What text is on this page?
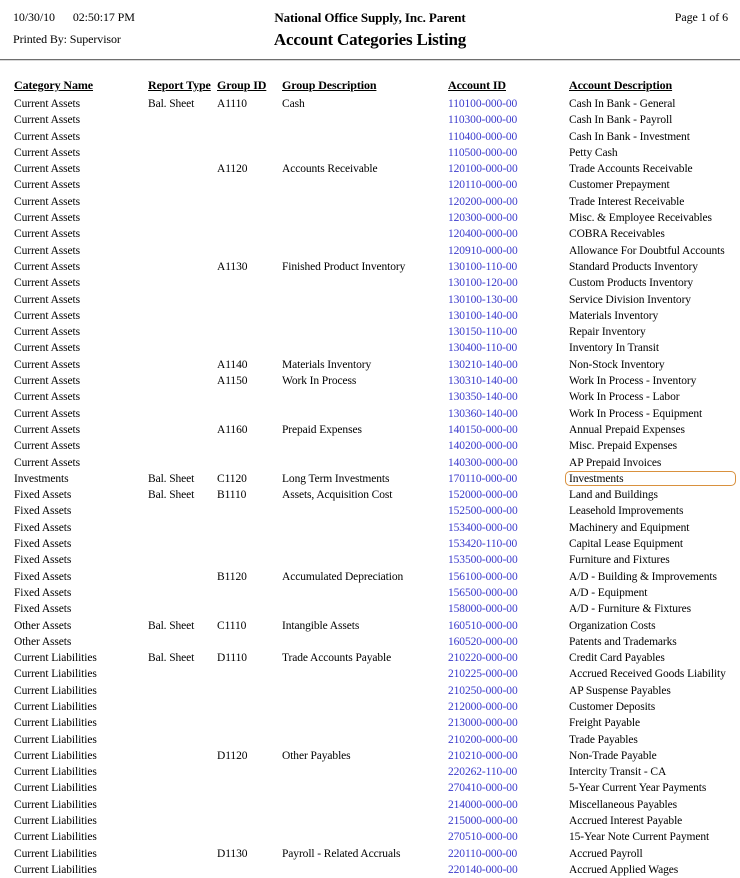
10/30/10 02:50:17 PM
Printed By: Supervisor
National Office Supply, Inc. Parent
Account Categories Listing
Page 1 of 6
Category Name	Report Type	Group ID	Group Description	Account ID	Account Description
Current Assets	Bal. Sheet	A1110	Cash	110100-000-00	Cash In Bank - General
Current Assets				110300-000-00	Cash In Bank - Payroll
Current Assets				110400-000-00	Cash In Bank - Investment
Current Assets				110500-000-00	Petty Cash
Current Assets		A1120	Accounts Receivable	120100-000-00	Trade Accounts Receivable
Current Assets				120110-000-00	Customer Prepayment
Current Assets				120200-000-00	Trade Interest Receivable
Current Assets				120300-000-00	Misc. & Employee Receivables
Current Assets				120400-000-00	COBRA Receivables
Current Assets				120910-000-00	Allowance For Doubtful Accounts
Current Assets		A1130	Finished Product Inventory	130100-110-00	Standard Products Inventory
Current Assets				130100-120-00	Custom Products Inventory
Current Assets				130100-130-00	Service Division Inventory
Current Assets				130100-140-00	Materials Inventory
Current Assets				130150-110-00	Repair Inventory
Current Assets				130400-110-00	Inventory In Transit
Current Assets		A1140	Materials Inventory	130210-140-00	Non-Stock Inventory
Current Assets		A1150	Work In Process	130310-140-00	Work In Process - Inventory
Current Assets				130350-140-00	Work In Process - Labor
Current Assets				130360-140-00	Work In Process - Equipment
Current Assets		A1160	Prepaid Expenses	140150-000-00	Annual Prepaid Expenses
Current Assets				140200-000-00	Misc. Prepaid Expenses
Current Assets				140300-000-00	AP Prepaid Invoices
Investments	Bal. Sheet	C1120	Long Term Investments	170110-000-00	Investments

Fixed Assets	Bal. Sheet	B1110	Assets, Acquisition Cost	152000-000-00	Land and Buildings
Fixed Assets				152500-000-00	Leasehold Improvements
Fixed Assets				153400-000-00	Machinery and Equipment
Fixed Assets				153420-110-00	Capital Lease Equipment
Fixed Assets				153500-000-00	Furniture and Fixtures
Fixed Assets		B1120	Accumulated Depreciation	156100-000-00	A/D - Building & Improvements
Fixed Assets				156500-000-00	A/D - Equipment
Fixed Assets				158000-000-00	A/D - Furniture & Fixtures
Other Assets	Bal. Sheet	C1110	Intangible Assets	160510-000-00	Organization Costs
Other Assets				160520-000-00	Patents and Trademarks
Current Liabilities	Bal. Sheet	D1110	Trade Accounts Payable	210220-000-00	Credit Card Payables
Current Liabilities				210225-000-00	Accrued Received Goods Liability
Current Liabilities				210250-000-00	AP Suspense Payables
Current Liabilities				212000-000-00	Customer Deposits
Current Liabilities				213000-000-00	Freight Payable
Current Liabilities				210200-000-00	Trade Payables
Current Liabilities		D1120	Other Payables	210210-000-00	Non-Trade Payable
Current Liabilities				220262-110-00	Intercity Transit - CA
Current Liabilities				270410-000-00	5-Year Current Year Payments
Current Liabilities				214000-000-00	Miscellaneous Payables
Current Liabilities				215000-000-00	Accrued Interest Payable
Current Liabilities				270510-000-00	15-Year Note Current Payment
Current Liabilities		D1130	Payroll - Related Accruals	220110-000-00	Accrued Payroll
Current Liabilities				220140-000-00	Accrued Applied Wages
